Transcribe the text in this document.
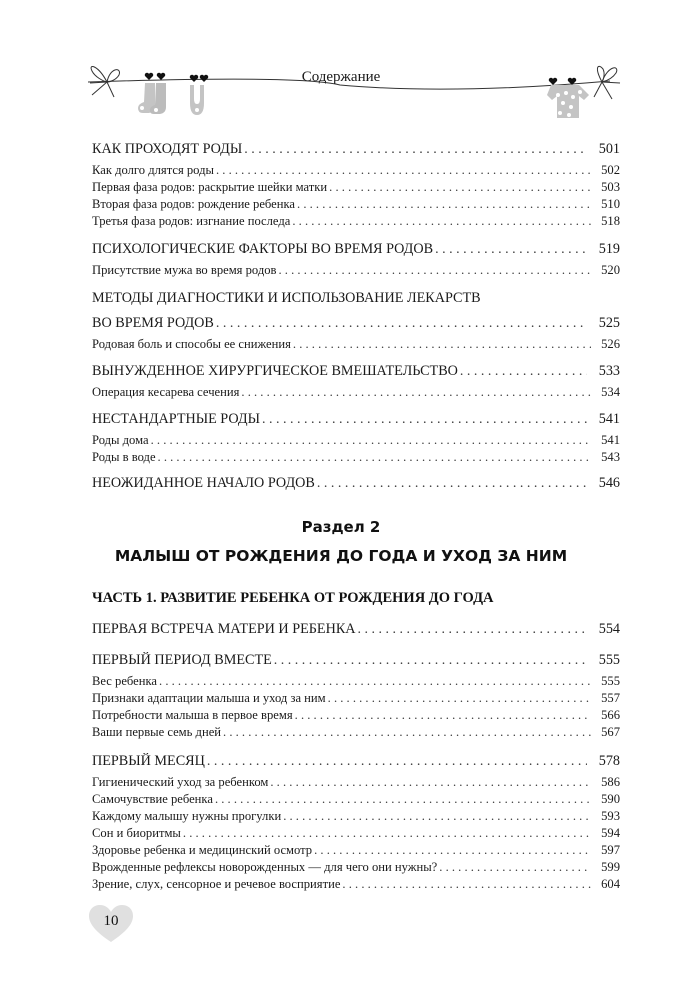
Содержание
КАК ПРОХОДЯТ РОДЫ . . .	501
Как долго длятся роды . . .	502
Первая фаза родов: раскрытие шейки матки . . .	503
Вторая фаза родов: рождение ребенка . . .	510
Третья фаза родов: изгнание последа . . .	518
ПСИХОЛОГИЧЕСКИЕ ФАКТОРЫ ВО ВРЕМЯ РОДОВ . . .	519
Присутствие мужа во время родов . . .	520
МЕТОДЫ ДИАГНОСТИКИ И ИСПОЛЬЗОВАНИЕ ЛЕКАРСТВ
ВО ВРЕМЯ РОДОВ . . .	525
Родовая боль и способы ее снижения . . .	526
ВЫНУЖДЕННОЕ ХИРУРГИЧЕСКОЕ ВМЕШАТЕЛЬСТВО . . .	533
Операция кесарева сечения . . .	534
НЕСТАНДАРТНЫЕ РОДЫ . . .	541
Роды дома . . .	541
Роды в воде . . .	543
НЕОЖИДАННОЕ НАЧАЛО РОДОВ . . .	546
Раздел 2
МАЛЫШ ОТ РОЖДЕНИЯ ДО ГОДА И УХОД ЗА НИМ
ЧАСТЬ 1. РАЗВИТИЕ РЕБЕНКА ОТ РОЖДЕНИЯ ДО ГОДА
ПЕРВАЯ ВСТРЕЧА МАТЕРИ И РЕБЕНКА . . .	554
ПЕРВЫЙ ПЕРИОД ВМЕСТЕ . . .	555
Вес ребенка . . .	555
Признаки адаптации малыша и уход за ним . . .	557
Потребности малыша в первое время . . .	566
Ваши первые семь дней . . .	567
ПЕРВЫЙ МЕСЯЦ . . .	578
Гигиенический уход за ребенком . . .	586
Самочувствие ребенка . . .	590
Каждому малышу нужны прогулки . . .	593
Сон и биоритмы . . .	594
Здоровье ребенка и медицинский осмотр . . .	597
Врожденные рефлексы новорожденных — для чего они нужны? . . .	599
Зрение, слух, сенсорное и речевое восприятие . . .	604
10
